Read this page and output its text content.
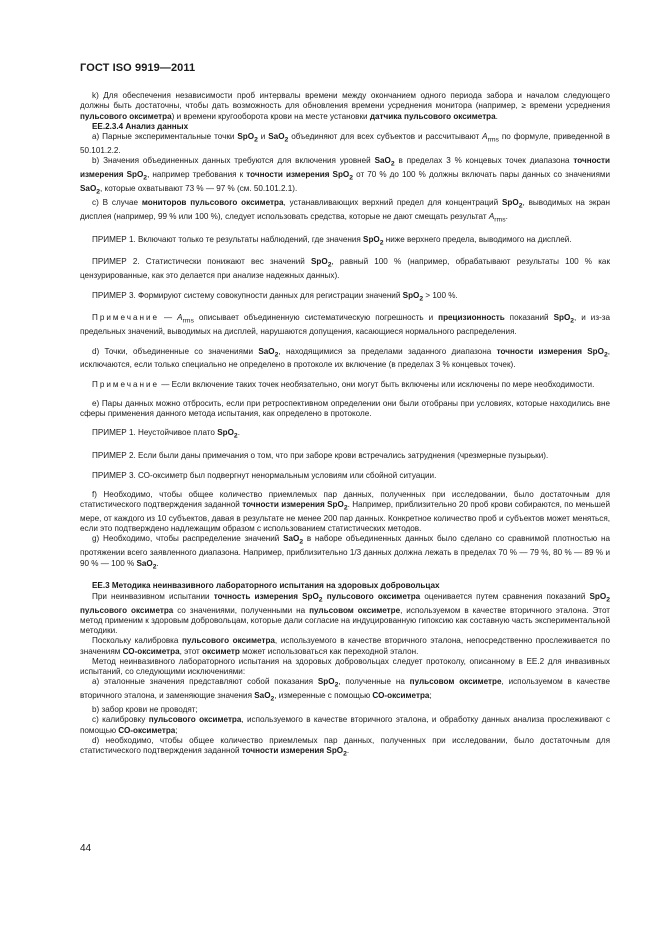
ГОСТ ISO 9919—2011

k) Для обеспечения независимости проб интервалы времени между окончанием одного периода забора и началом следующего должны быть достаточны, чтобы дать возможность для обновления времени усреднения монитора (например, ≥ времени усреднения пульсового оксиметра) и времени кругооборота крови на месте установки датчика пульсового оксиметра.

ЕЕ.2.3.4 Анализ данных

а) Парные экспериментальные точки SpO$_2$ и SaO$_2$ объединяют для всех субъектов и рассчитывают $A_{rms}$ по формуле, приведенной в 50.101.2.2.

b) Значения объединенных данных требуются для включения уровней SaO$_2$ в пределах 3 % концевых точек диапазона точности измерения SpO$_2$, например требования к точности измерения SpO$_2$ от 70 % до 100 % должны включать пары данных со значениями SaO$_2$, которые охватывают 73 % — 97 % (см. 50.101.2.1).

c) В случае мониторов пульсового оксиметра, устанавливающих верхний предел для концентраций SpO$_2$, выводимых на экран дисплея (например, 99 % или 100 %), следует использовать средства, которые не дают смещать результат $A_{rms}$.

ПРИМЕР 1. Включают только те результаты наблюдений, где значения SpO$_2$ ниже верхнего предела, выводимого на дисплей.

ПРИМЕР 2. Статистически понижают вес значений SpO$_2$, равный 100 % (например, обрабатывают результаты 100 % как цензурированные, как это делается при анализе надежных данных).

ПРИМЕР 3. Формируют систему совокупности данных для регистрации значений SpO$_2$ > 100 %.

Примечание — $A_{rms}$ описывает объединенную систематическую погрешность и прецизионность показаний SpO$_2$, и из-за предельных значений, выводимых на дисплей, нарушаются допущения, касающиеся нормального распределения.

d) Точки, объединенные со значениями SaO$_2$, находящимися за пределами заданного диапазона точности измерения SpO$_2$, исключаются, если только специально не определено в протоколе их включение (в пределах 3 % концевых точек).

Примечание — Если включение таких точек необязательно, они могут быть включены или исключены по мере необходимости.

е) Пары данных можно отбросить, если при ретроспективном определении они были отобраны при условиях, которые находились вне сферы применения данного метода испытания, как определено в протоколе.

ПРИМЕР 1. Неустойчивое плато SpO$_2$.

ПРИМЕР 2. Если были даны примечания о том, что при заборе крови встречались затруднения (чрезмерные пузырьки).

ПРИМЕР 3. СО-оксиметр был подвергнут ненормальным условиям или сбойной ситуации.

f) Необходимо, чтобы общее количество приемлемых пар данных, полученных при исследовании, было достаточным для статистического подтверждения заданной точности измерения SpO$_2$. Например, приблизительно 20 проб крови собираются, по меньшей мере, от каждого из 10 субъектов, давая в результате не менее 200 пар данных. Конкретное количество проб и субъектов может меняться, если это подтверждено надлежащим образом с использованием статистических методов.

g) Необходимо, чтобы распределение значений SaO$_2$ в наборе объединенных данных было сделано со сравнимой плотностью на протяжении всего заявленного диапазона. Например, приблизительно 1/3 данных должна лежать в пределах 70 % — 79 %, 80 % — 89 % и 90 % — 100 % SaO$_2$.

ЕЕ.3 Методика неинвазивного лабораторного испытания на здоровых добровольцах

При неинвазивном испытании точность измерения SpO$_2$ пульсового оксиметра оценивается путем сравнения показаний SpO$_2$ пульсового оксиметра со значениями, полученными на пульсовом оксиметре, используемом в качестве вторичного эталона. Этот метод применим к здоровым добровольцам, которые дали согласие на индуцированную гипоксию как составную часть экспериментальной методики.

Поскольку калибровка пульсового оксиметра, используемого в качестве вторичного эталона, непосредственно прослеживается по значениям СО-оксиметра, этот оксиметр может использоваться как переходной эталон.

Метод неинвазивного лабораторного испытания на здоровых добровольцах следует протоколу, описанному в ЕЕ.2 для инвазивных испытаний, со следующими исключениями:

а) эталонные значения представляют собой показания SpO$_2$, полученные на пульсовом оксиметре, используемом в качестве вторичного эталона, и заменяющие значения SaO$_2$, измеренные с помощью СО-оксиметра;

b) забор крови не проводят;

c) калибровку пульсового оксиметра, используемого в качестве вторичного эталона, и обработку данных анализа прослеживают с помощью СО-оксиметра;

d) необходимо, чтобы общее количество приемлемых пар данных, полученных при исследовании, было достаточным для статистического подтверждения заданной точности измерения SpO$_2$.

44
